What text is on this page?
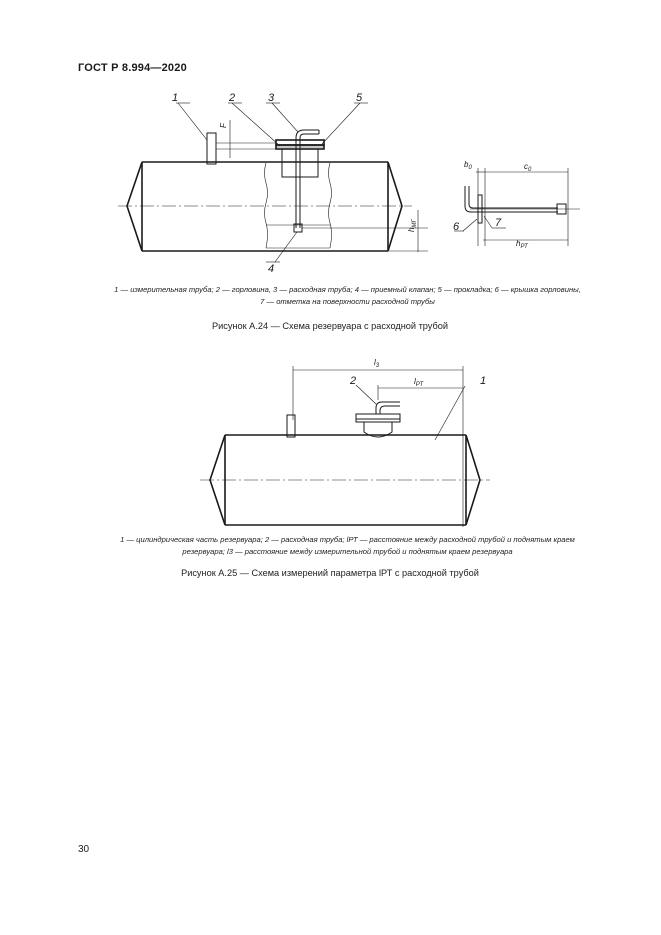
ГОСТ Р 8.994—2020
1	2	3	5
4
6	7
F
$h_{МГ}$
$b_0$	$c_0$
$h_{РТ}$
1 — измерительная труба; 2 — горловина, 3 — расходная труба; 4 — приемный клапан; 5 — прокладка; 6 — крышка горловины,
7 — отметка на поверхности расходной трубы
Рисунок А.24 — Схема резервуара с расходной трубой
2	1
$l_3$
$l_{РТ}$
1 — цилиндрическая часть резервуара; 2 — расходная труба; lРТ — расстояние между расходной трубой и поднятым краем
резервуара; l3 — расстояние между измерительной трубой и поднятым краем резервуара
Рисунок А.25 — Схема измерений параметра lРТ с расходной трубой
30
